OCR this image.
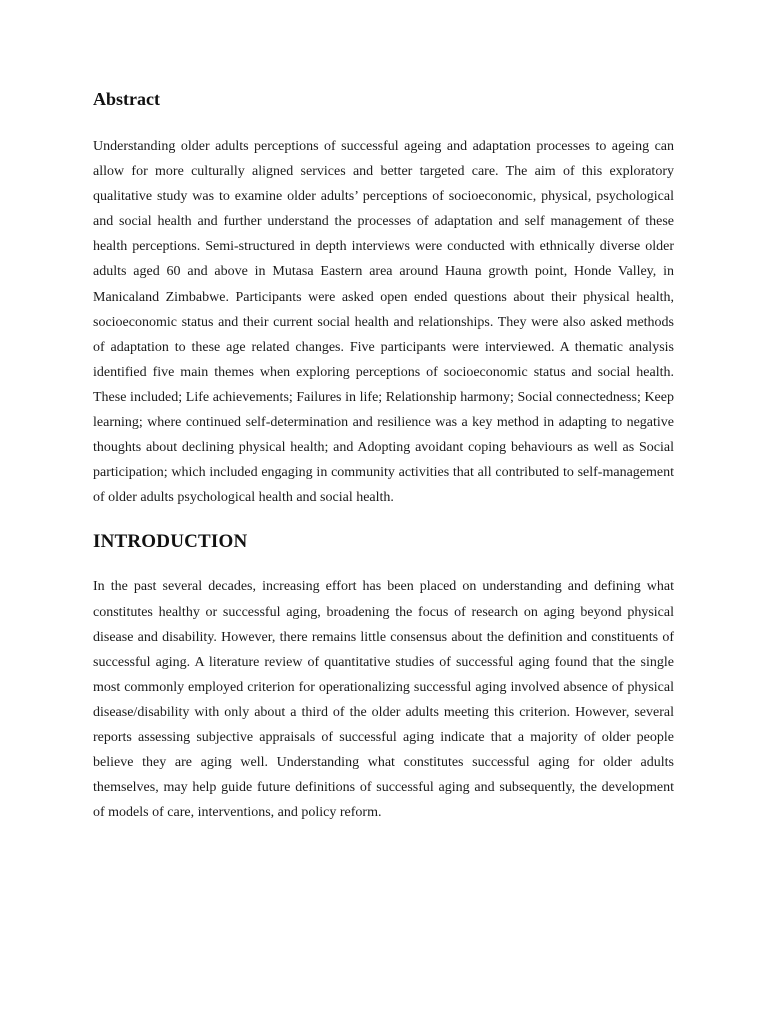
Abstract

Understanding older adults perceptions of successful ageing and adaptation processes to ageing can allow for more culturally aligned services and better targeted care. The aim of this exploratory qualitative study was to examine older adults’ perceptions of socioeconomic, physical, psychological and social health and further understand the processes of adaptation and self management of these health perceptions. Semi-structured in depth interviews were conducted with ethnically diverse older adults aged 60 and above in Mutasa Eastern area around Hauna growth point, Honde Valley, in Manicaland Zimbabwe. Participants were asked open ended questions about their physical health, socioeconomic status and their current social health and relationships. They were also asked methods of adaptation to these age related changes. Five participants were interviewed. A thematic analysis identified five main themes when exploring perceptions of socioeconomic status and social health. These included; Life achievements; Failures in life; Relationship harmony; Social connectedness; Keep learning; where continued self-determination and resilience was a key method in adapting to negative thoughts about declining physical health; and Adopting avoidant coping behaviours as well as Social participation; which included engaging in community activities that all contributed to self-management of older adults psychological health and social health.

INTRODUCTION

In the past several decades, increasing effort has been placed on understanding and defining what constitutes healthy or successful aging, broadening the focus of research on aging beyond physical disease and disability. However, there remains little consensus about the definition and constituents of successful aging. A literature review of quantitative studies of successful aging found that the single most commonly employed criterion for operationalizing successful aging involved absence of physical disease/disability with only about a third of the older adults meeting this criterion. However, several reports assessing subjective appraisals of successful aging indicate that a majority of older people believe they are aging well. Understanding what constitutes successful aging for older adults themselves, may help guide future definitions of successful aging and subsequently, the development of models of care, interventions, and policy reform.
